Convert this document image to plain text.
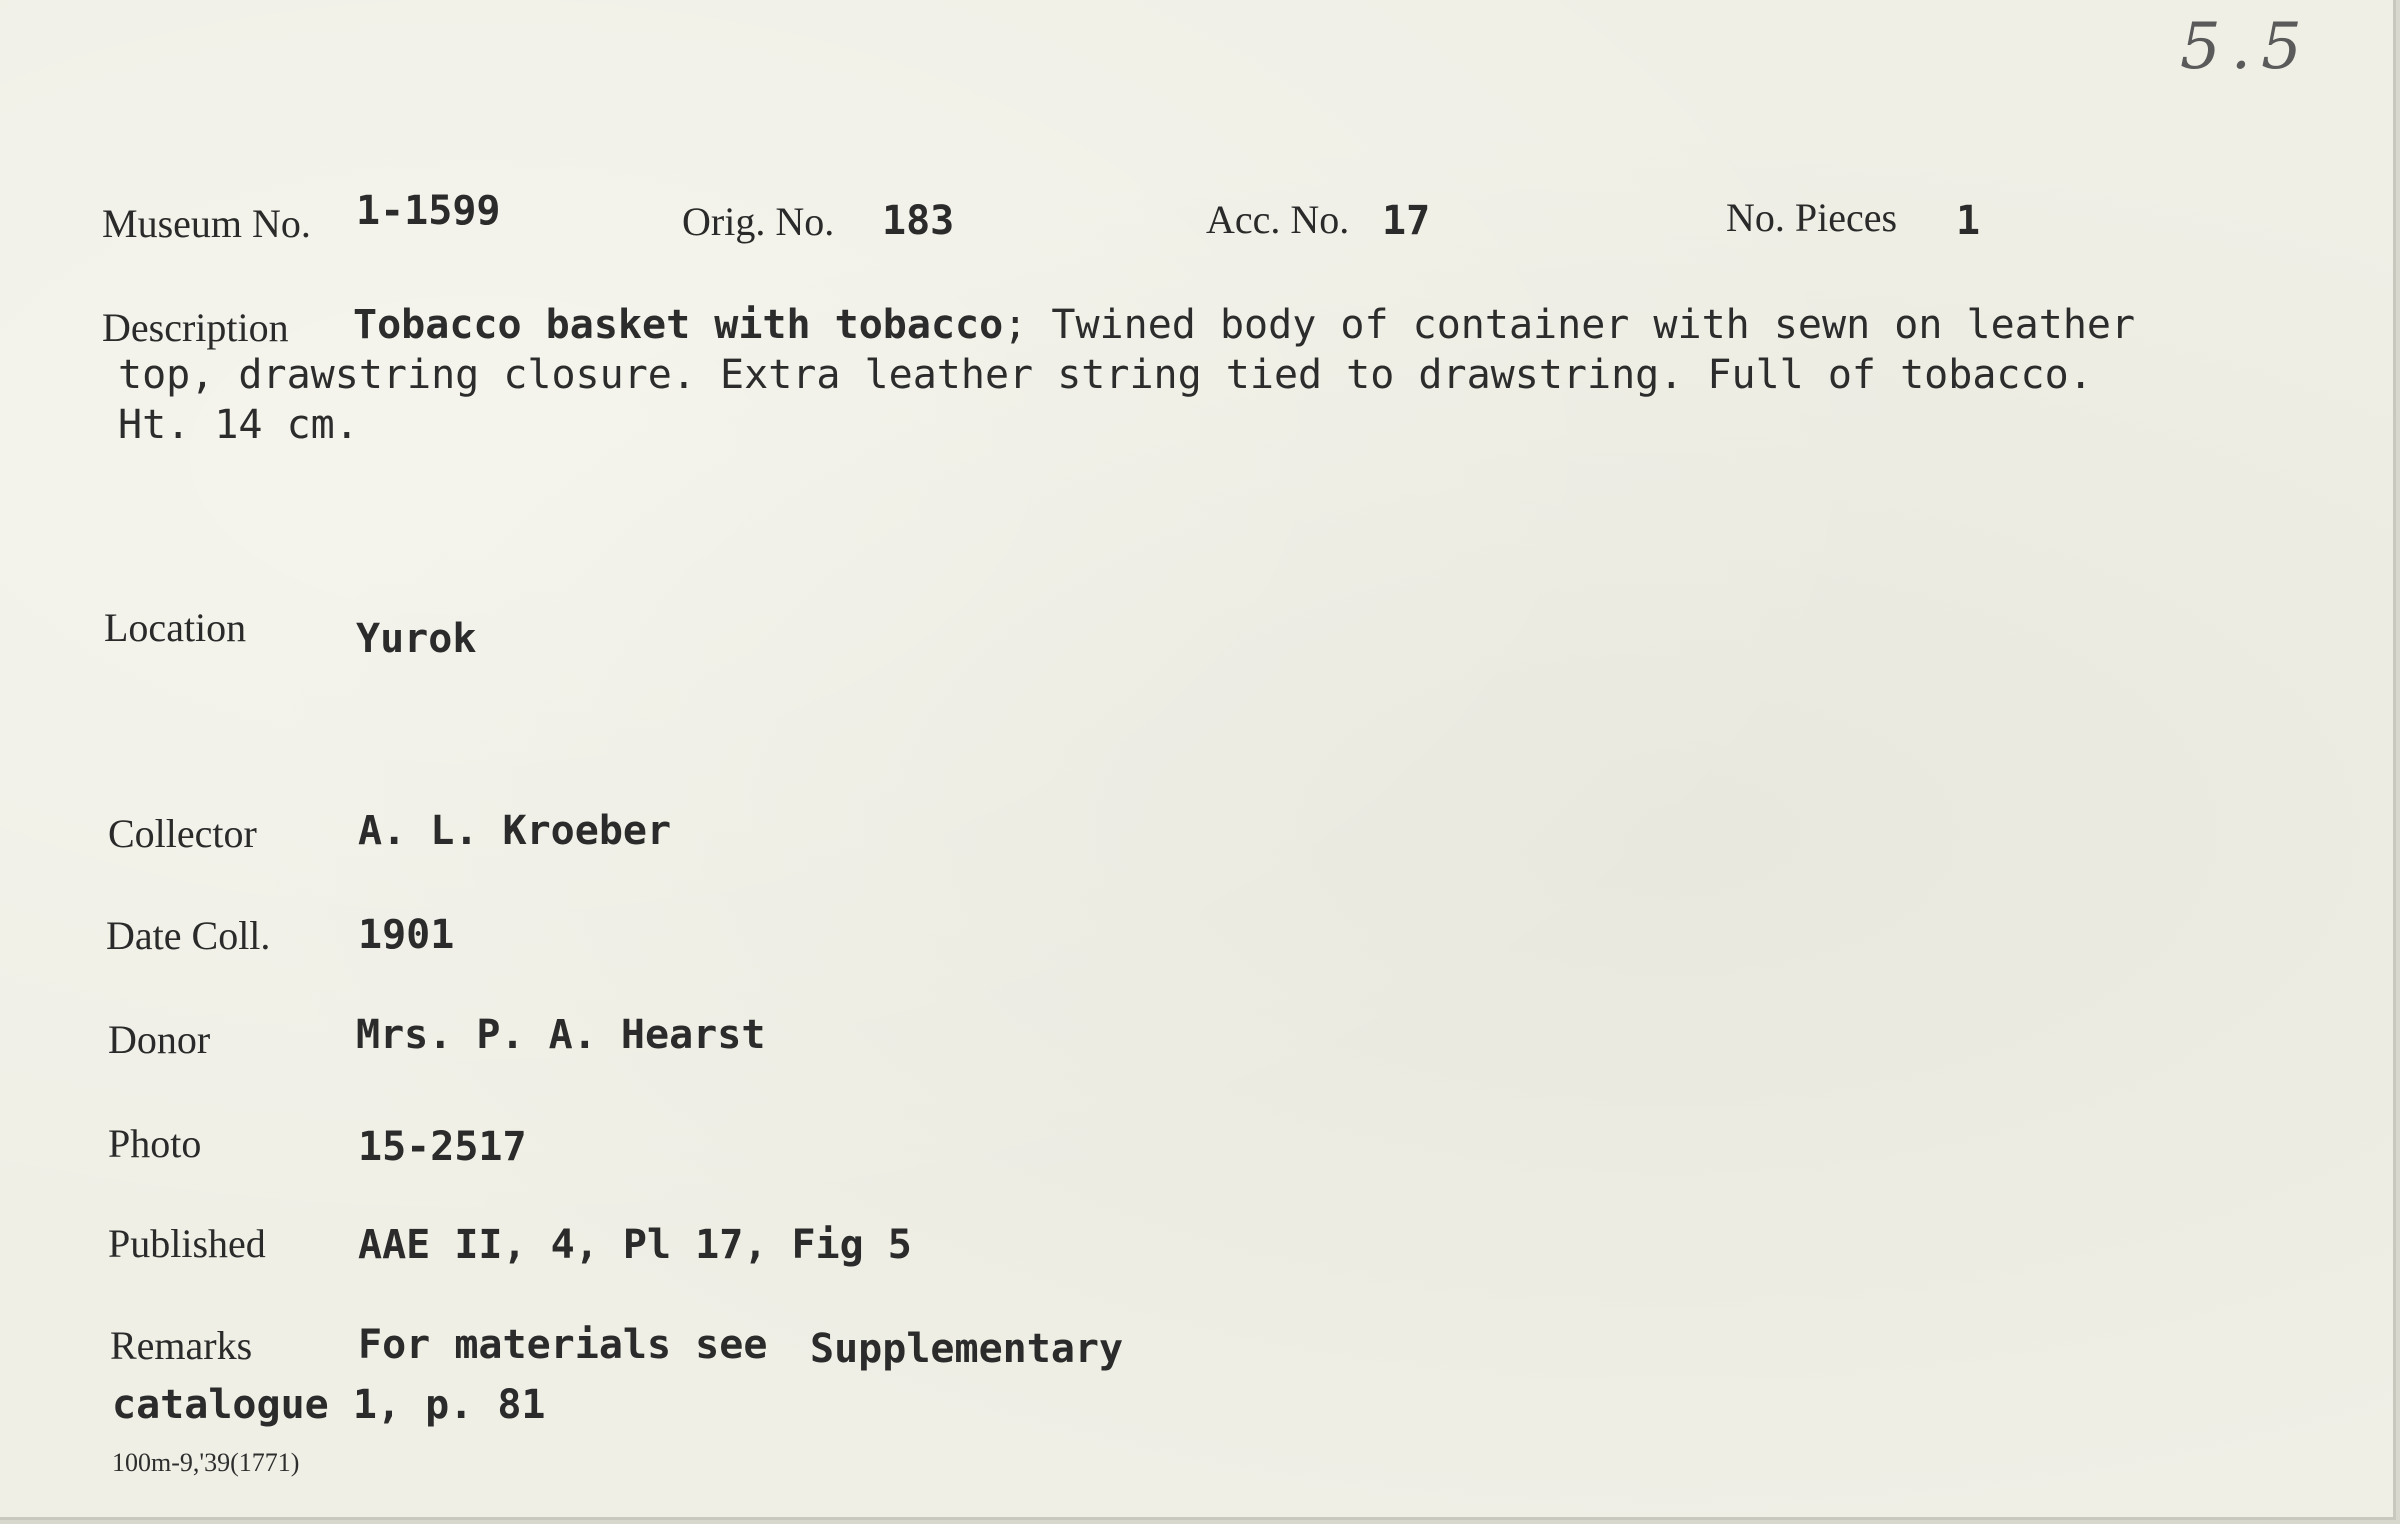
5.5
Museum No. 1-1599	Orig. No. 183	Acc. No. 17	No. Pieces 1
Description Tobacco basket with tobacco; Twined body of container with sewn on leather
top, drawstring closure. Extra leather string tied to drawstring. Full of tobacco.
Ht. 14 cm.
Location	Yurok
Collector	A. L. Kroeber
Date Coll. 1901
Donor	Mrs. P. A. Hearst
Photo	15-2517
Published AAE II, 4, Pl 17, Fig 5
Remarks	For materials see Supplementary
catalogue 1, p. 81
100m-9,'39(1771)
